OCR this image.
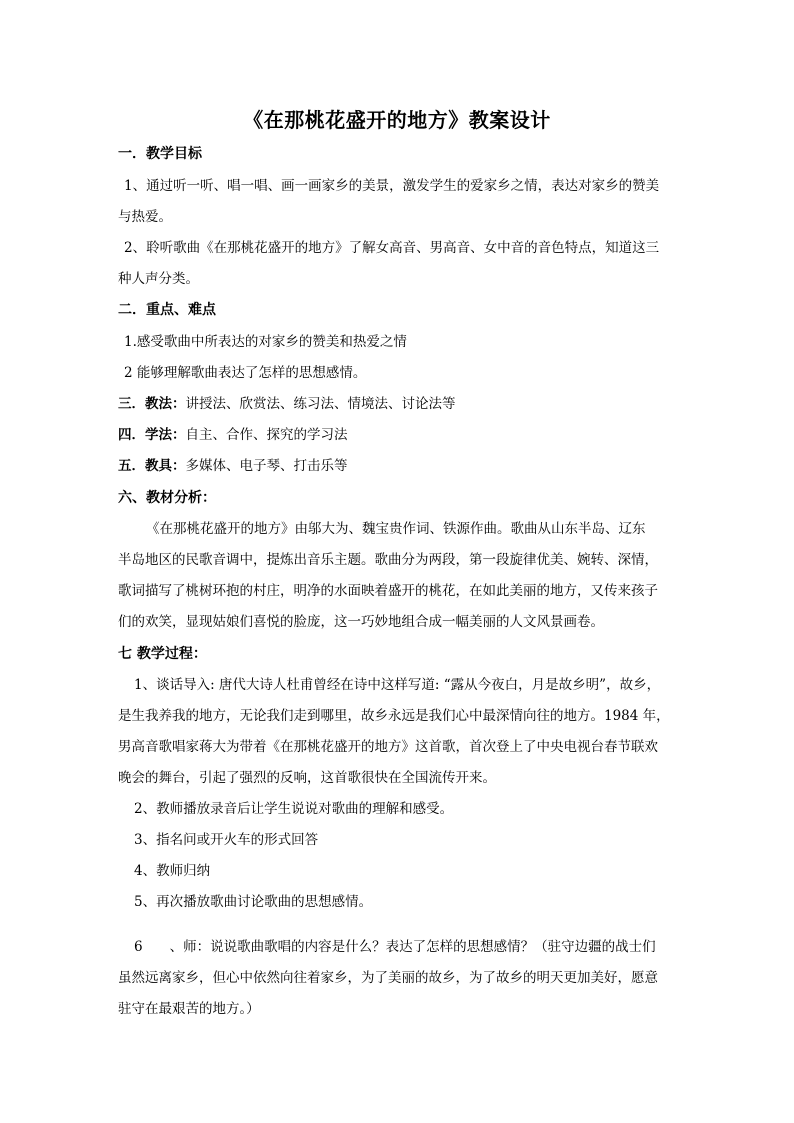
《在那桃花盛开的地方》教案设计
一．教学目标
1、通过听一听、唱一唱、画一画家乡的美景，激发学生的爱家乡之情，表达对家乡的赞美
与热爱。
2、聆听歌曲《在那桃花盛开的地方》了解女高音、男高音、女中音的音色特点，知道这三
种人声分类。
二．重点、难点
1.感受歌曲中所表达的对家乡的赞美和热爱之情
2 能够理解歌曲表达了怎样的思想感情。
三．教法：讲授法、欣赏法、练习法、情境法、讨论法等
四．学法：自主、合作、探究的学习法
五．教具：多媒体、电子琴、打击乐等
六、教材分析：
《在那桃花盛开的地方》由邬大为、魏宝贵作词、铁源作曲。歌曲从山东半岛、辽东
半岛地区的民歌音调中，提炼出音乐主题。歌曲分为两段，第一段旋律优美、婉转、深情，
歌词描写了桃树环抱的村庄，明净的水面映着盛开的桃花，在如此美丽的地方，又传来孩子
们的欢笑，显现姑娘们喜悦的脸庞，这一巧妙地组合成一幅美丽的人文风景画卷。
七 教学过程：
1、谈话导入: 唐代大诗人杜甫曾经在诗中这样写道: “露从今夜白，月是故乡明”，故乡，
是生我养我的地方，无论我们走到哪里，故乡永远是我们心中最深情向往的地方。1984 年，
男高音歌唱家蒋大为带着《在那桃花盛开的地方》这首歌，首次登上了中央电视台春节联欢
晚会的舞台，引起了强烈的反响，这首歌很快在全国流传开来。
2、教师播放录音后让学生说说对歌曲的理解和感受。
3、指名问或开火车的形式回答
4、教师归纳
5、再次播放歌曲讨论歌曲的思想感情。
6　　、师：说说歌曲歌唱的内容是什么？表达了怎样的思想感情？（驻守边疆的战士们
虽然远离家乡，但心中依然向往着家乡，为了美丽的故乡，为了故乡的明天更加美好，愿意
驻守在最艰苦的地方。）
